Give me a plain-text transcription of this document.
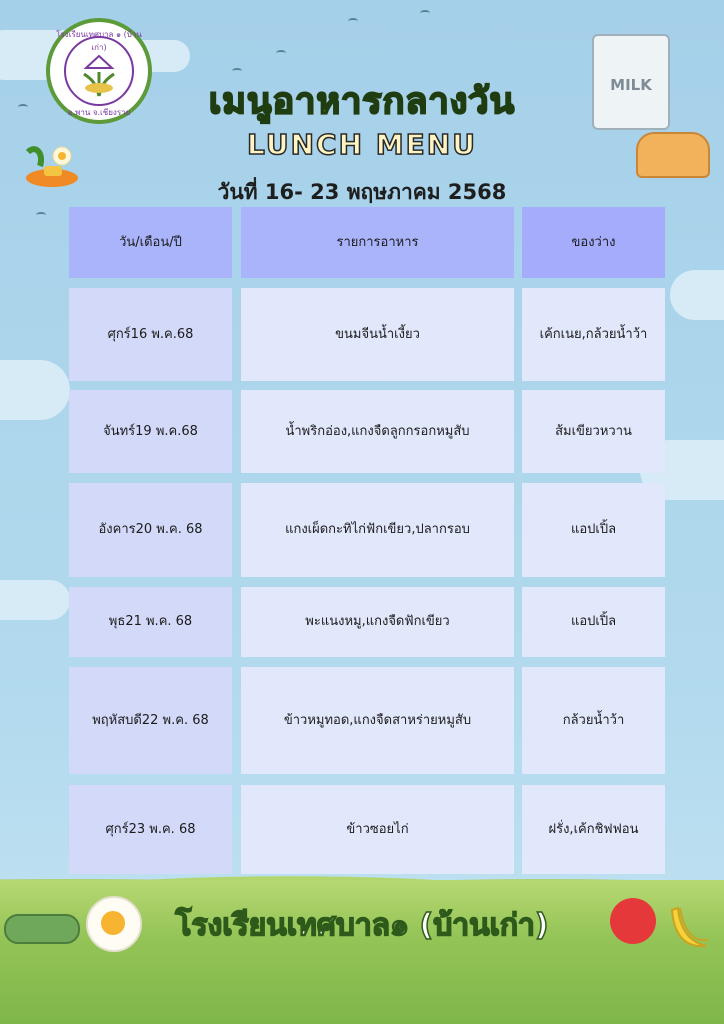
โรงเรียนเทศบาล ๑ (บ้านเก่า)
อ.พาน จ.เชียงราย
MILK
เมนูอาหารกลางวัน
LUNCH MENU
วันที่ 16- 23 พฤษภาคม 2568
วัน/เดือน/ปี	รายการอาหาร	ของว่าง
ศุกร์ 16 พ.ค.68	ขนมจีนน้ำเงี้ยว	เค้กเนย,กล้วยน้ำว้า
จันทร์ 19 พ.ค.68	น้ำพริกอ่อง,แกงจืดลูกกรอกหมูสับ	ส้มเขียวหวาน
อังคาร 20 พ.ค. 68	แกงเผ็ดกะทิไก่ฟักเขียว,ปลากรอบ	แอปเปิ้ล
พุธ 21 พ.ค. 68	พะแนงหมู,แกงจืดฟักเขียว	แอปเปิ้ล
พฤหัสบดี 22 พ.ค. 68	ข้าวหมูทอด,แกงจืดสาหร่ายหมูสับ	กล้วยน้ำว้า
ศุกร์ 23 พ.ค. 68	ข้าวซอยไก่	ฝรั่ง,เค้กชิฟฟอน
โรงเรียนเทศบาล๑ (บ้านเก่า)
